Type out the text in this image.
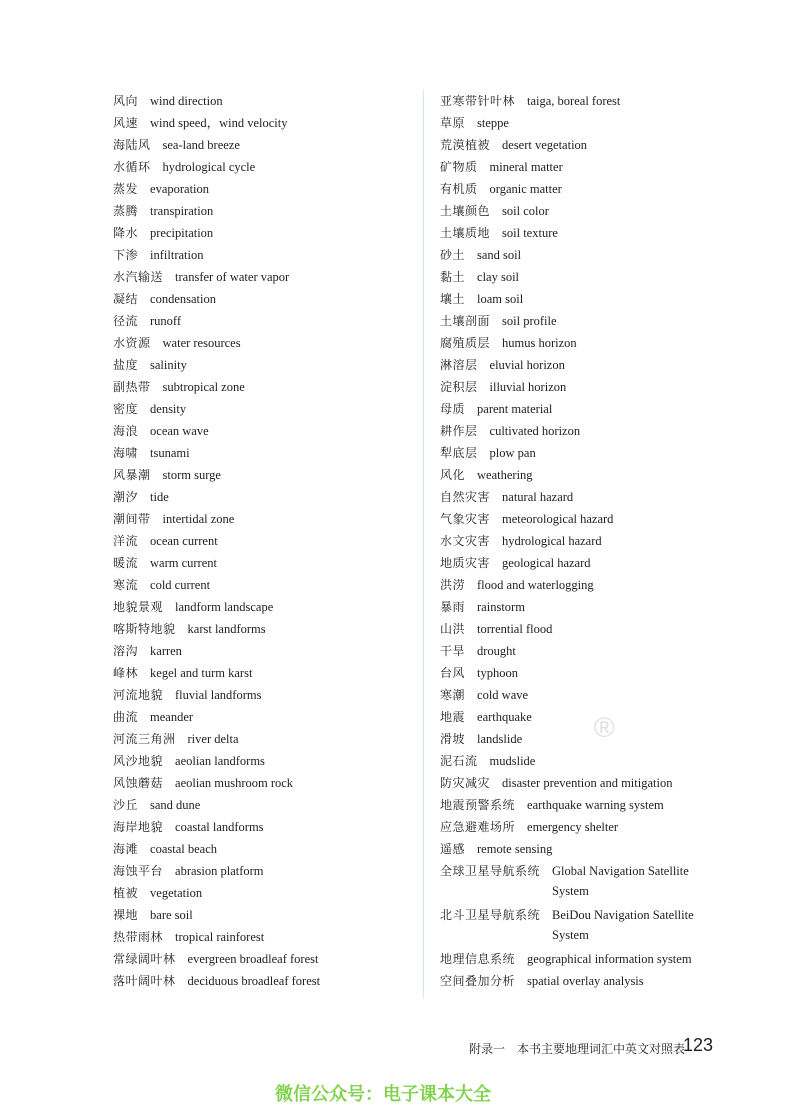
风向 wind direction
风速 wind speed，wind velocity
海陆风 sea-land breeze
水循环 hydrological cycle
蒸发 evaporation
蒸腾 transpiration
降水 precipitation
下渗 infiltration
水汽输送 transfer of water vapor
凝结 condensation
径流 runoff
水资源 water resources
盐度 salinity
副热带 subtropical zone
密度 density
海浪 ocean wave
海啸 tsunami
风暴潮 storm surge
潮汐 tide
潮间带 intertidal zone
洋流 ocean current
暖流 warm current
寒流 cold current
地貌景观 landform landscape
喀斯特地貌 karst landforms
溶沟 karren
峰林 kegel and turm karst
河流地貌 fluvial landforms
曲流 meander
河流三角洲 river delta
风沙地貌 aeolian landforms
风蚀蘑菇 aeolian mushroom rock
沙丘 sand dune
海岸地貌 coastal landforms
海滩 coastal beach
海蚀平台 abrasion platform
植被 vegetation
裸地 bare soil
热带雨林 tropical rainforest
常绿阔叶林 evergreen broadleaf forest
落叶阔叶林 deciduous broadleaf forest
亚寒带针叶林 taiga, boreal forest
草原 steppe
荒漠植被 desert vegetation
矿物质 mineral matter
有机质 organic matter
土壤颜色 soil color
土壤质地 soil texture
砂土 sand soil
黏土 clay soil
壤土 loam soil
土壤剖面 soil profile
腐殖质层 humus horizon
淋溶层 eluvial horizon
淀积层 illuvial horizon
母质 parent material
耕作层 cultivated horizon
犁底层 plow pan
风化 weathering
自然灾害 natural hazard
气象灾害 meteorological hazard
水文灾害 hydrological hazard
地质灾害 geological hazard
洪涝 flood and waterlogging
暴雨 rainstorm
山洪 torrential flood
干旱 drought
台风 typhoon
寒潮 cold wave
地震 earthquake
滑坡 landslide
泥石流 mudslide
防灾减灾 disaster prevention and mitigation
地震预警系统 earthquake warning system
应急避难场所 emergency shelter
遥感 remote sensing
全球卫星导航系统 Global Navigation Satellite System
北斗卫星导航系统 BeiDou Navigation Satellite System
地理信息系统 geographical information system
空间叠加分析 spatial overlay analysis
®
附录一　本书主要地理词汇中英文对照表
123
微信公众号：电子课本大全
